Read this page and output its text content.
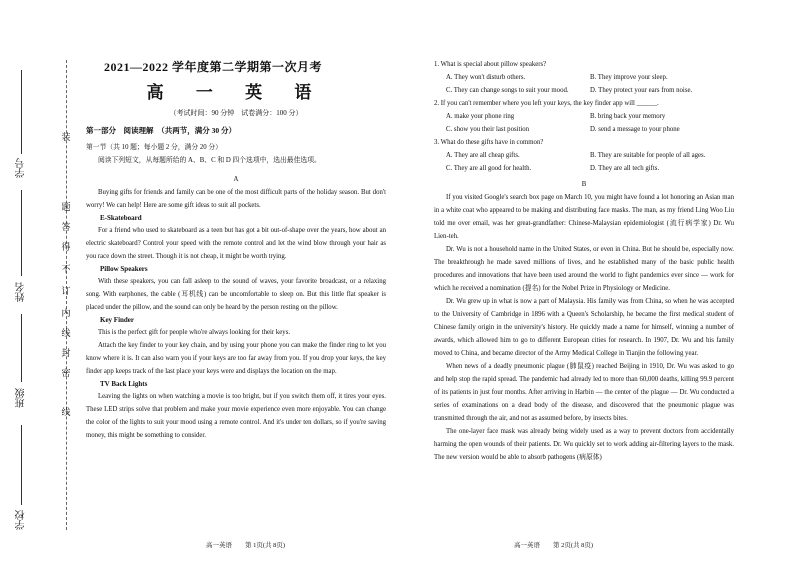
学号
姓名
班级
学校
装
题
答
得
不
订
内
线
封
密
线
2021—2022 学年度第二学期第一次月考
高 一 英 语
（考试时间：90 分钟　试卷满分：100 分）

第一部分　阅读理解　（共两节，满分 30 分）

第一节（共 10 题；每小题 2 分，满分 20 分）

阅读下列短文，从每题所给的 A、B、C 和 D 四个选项中，选出最佳选项。

A

Buying gifts for friends and family can be one of the most difficult parts of the holiday season. But don't worry! We can help! Here are some gift ideas to suit all pockets.

E-Skateboard

For a friend who used to skateboard as a teen but has got a bit out-of-shape over the years, how about an electric skateboard? Control your speed with the remote control and let the wind blow through your hair as you race down the street. Though it is not cheap, it might be worth trying.

Pillow Speakers

With these speakers, you can fall asleep to the sound of waves, your favorite broadcast, or a relaxing song. With earphones, the cable (耳机线) can be uncomfortable to sleep on. But this little flat speaker is placed under the pillow, and the sound can only be heard by the person resting on the pillow.

Key Finder

This is the perfect gift for people who're always looking for their keys.

Attach the key finder to your key chain, and by using your phone you can make the finder ring to let you know where it is. It can also warn you if your keys are too far away from you. If you drop your keys, the key finder app keeps track of the last place your keys were and displays the location on the map.

TV Back Lights

Leaving the lights on when watching a movie is too bright, but if you switch them off, it tires your eyes. These LED strips solve that problem and make your movie experience even more enjoyable. You can change the color of the lights to suit your mood using a remote control. And it's under ten dollars, so if you're saving money, this might be something to consider.

高一英语　　第 1页(共 8页)

1. What is special about pillow speakers?

A. They won't disturb others.	B. They improve your sleep.
C. They can change songs to suit your mood.	D. They protect your ears from noise.

2. If you can't remember where you left your keys, the key finder app will ______.

A. make your phone ring	B. bring back your memory
C. show you their last position	D. send a message to your phone

3. What do these gifts have in common?

A. They are all cheap gifts.	B. They are suitable for people of all ages.
C. They are all good for health.	D. They are all tech gifts.

B

If you visited Google's search box page on March 10, you might have found a lot honoring an Asian man in a white coat who appeared to be making and distributing face masks. The man, as my friend Ling Woo Liu told me over email, was her great-grandfather: Chinese-Malaysian epidemiologist (流行病学家) Dr. Wu Lien-teh.

Dr. Wu is not a household name in the United States, or even in China. But he should be, especially now. The breakthrough he made saved millions of lives, and he established many of the basic public health procedures and innovations that have been used around the world to fight pandemics ever since — work for which he received a nomination (提名) for the Nobel Prize in Physiology or Medicine.

Dr. Wu grew up in what is now a part of Malaysia. His family was from China, so when he was accepted to the University of Cambridge in 1896 with a Queen's Scholarship, he became the first medical student of Chinese family origin in the university's history. He quickly made a name for himself, winning a number of awards, which allowed him to go to different European cities for research. In 1907, Dr. Wu and his family moved to China, and became director of the Army Medical College in Tianjin the following year.

When news of a deadly pneumonic plague (肺鼠疫) reached Beijing in 1910, Dr. Wu was asked to go and help stop the rapid spread. The pandemic had already led to more than 60,000 deaths, killing 99.9 percent of its patients in just four months. After arriving in Harbin — the center of the plague — Dr. Wu conducted a series of examinations on a dead body of the disease, and discovered that the pneumonic plague was transmitted through the air, and not as assumed before, by insects bites.

The one-layer face mask was already being widely used as a way to prevent doctors from accidentally harming the open wounds of their patients. Dr. Wu quickly set to work adding air-filtering layers to the mask. The new version would be able to absorb pathogens (病原体)

高一英语　　第 2页(共 8页)
